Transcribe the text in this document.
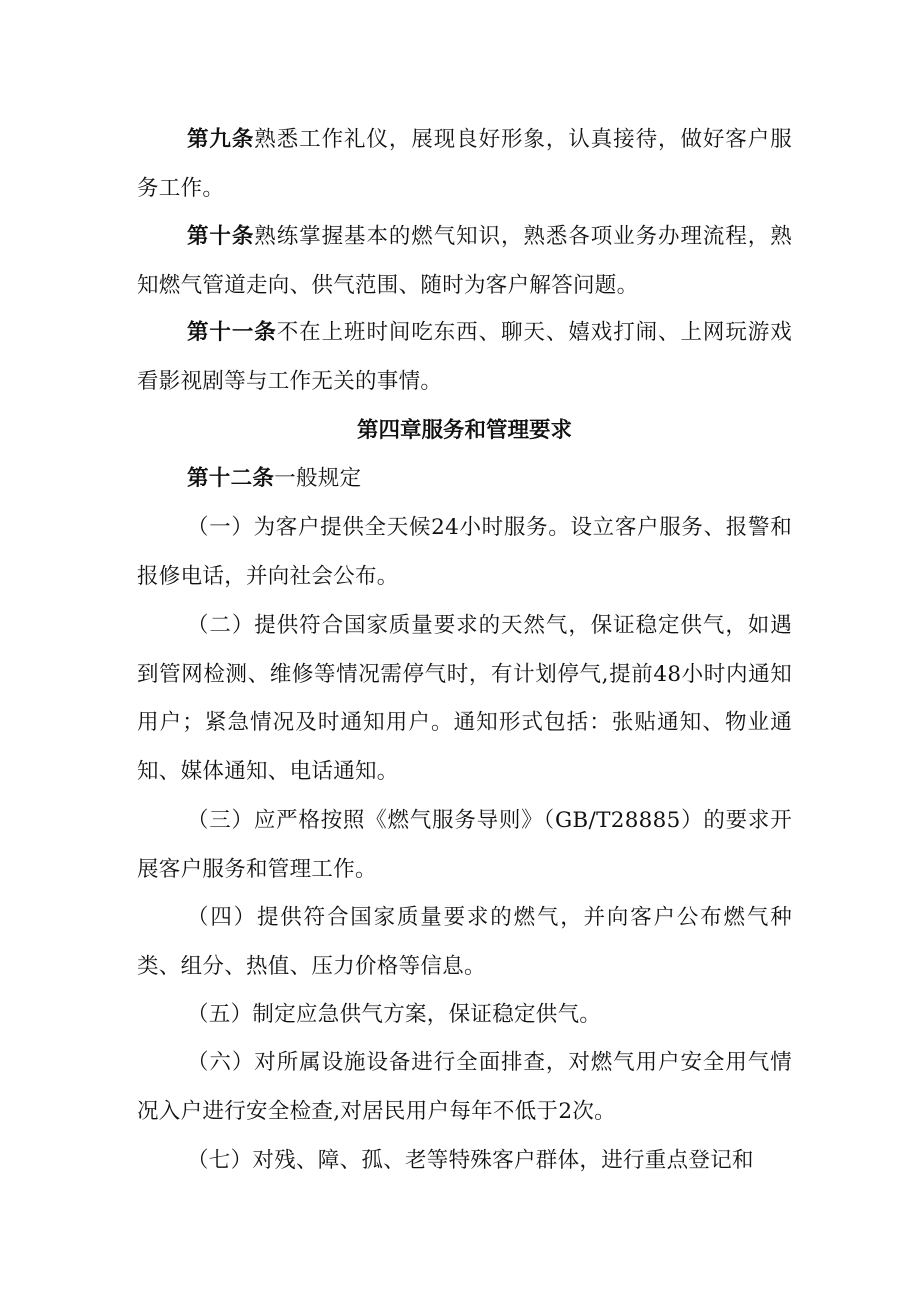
第九条熟悉工作礼仪，展现良好形象，认真接待，做好客户服务工作。

第十条熟练掌握基本的燃气知识，熟悉各项业务办理流程，熟知燃气管道走向、供气范围、随时为客户解答问题。

第十一条不在上班时间吃东西、聊天、嬉戏打闹、上网玩游戏看影视剧等与工作无关的事情。

第四章服务和管理要求

第十二条一般规定

（一）为客户提供全天候24小时服务。设立客户服务、报警和报修电话，并向社会公布。

（二）提供符合国家质量要求的天然气，保证稳定供气，如遇到管网检测、维修等情况需停气时，有计划停气,提前48小时内通知用户；紧急情况及时通知用户。通知形式包括：张贴通知、物业通知、媒体通知、电话通知。

（三）应严格按照《燃气服务导则》（GB/T28885）的要求开展客户服务和管理工作。

（四）提供符合国家质量要求的燃气，并向客户公布燃气种类、组分、热值、压力价格等信息。

（五）制定应急供气方案，保证稳定供气。

（六）对所属设施设备进行全面排查，对燃气用户安全用气情况入户进行安全检查,对居民用户每年不低于2次。

（七）对残、障、孤、老等特殊客户群体，进行重点登记和
